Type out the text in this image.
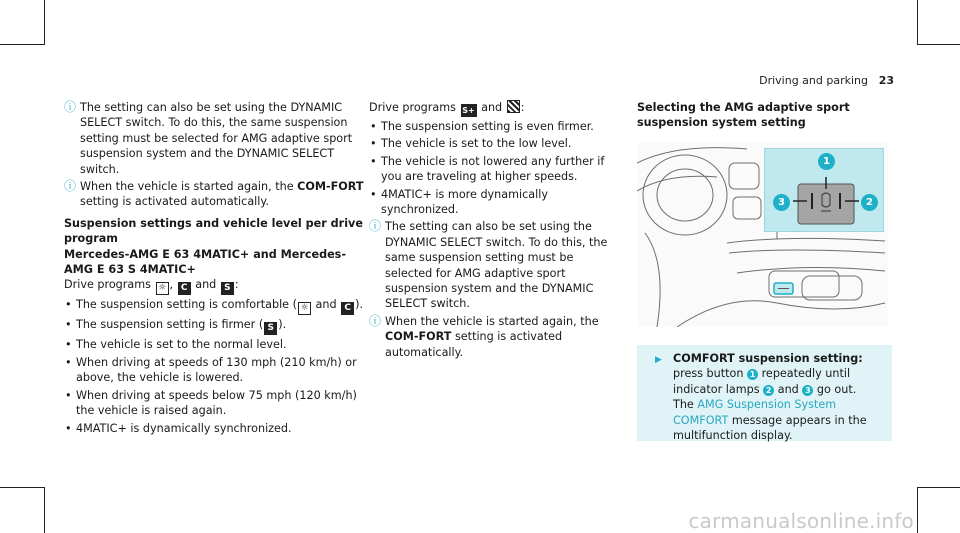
Driving and parking 23
ⓘ The setting can also be set using the DYNAMIC SELECT switch. To do this, the same suspension setting must be selected for AMG adaptive sport suspension system and the DYNAMIC SELECT switch.
ⓘ When the vehicle is started again, the COM-FORT setting is activated automatically.
Suspension settings and vehicle level per drive program
Mercedes-AMG E 63 4MATIC+ and Mercedes-AMG E 63 S 4MATIC+
Drive programs ☼ , C and S :
• The suspension setting is comfortable ( ☼ and C ).
• The suspension setting is firmer ( S ).
• The vehicle is set to the normal level.
• When driving at speeds of 130 mph (210 km/h) or above, the vehicle is lowered.
• When driving at speeds below 75 mph (120 km/h) the vehicle is raised again.
• 4MATIC+ is dynamically synchronized.
Drive programs S+ and :
• The suspension setting is even firmer.
• The vehicle is set to the low level.
• The vehicle is not lowered any further if you are traveling at higher speeds.
• 4MATIC+ is more dynamically synchronized.
ⓘ The setting can also be set using the DYNAMIC SELECT switch. To do this, the same suspension setting must be selected for AMG adaptive sport suspension system and the DYNAMIC SELECT switch.
ⓘ When the vehicle is started again, the COM-FORT setting is activated automatically.
Selecting the AMG adaptive sport suspension system setting
1
3	2
▶ COMFORT suspension setting: press button 1 repeatedly until indicator lamps 2 and 3 go out.
The AMG Suspension System COMFORT message appears in the multifunction display.
carmanualsonline.info
